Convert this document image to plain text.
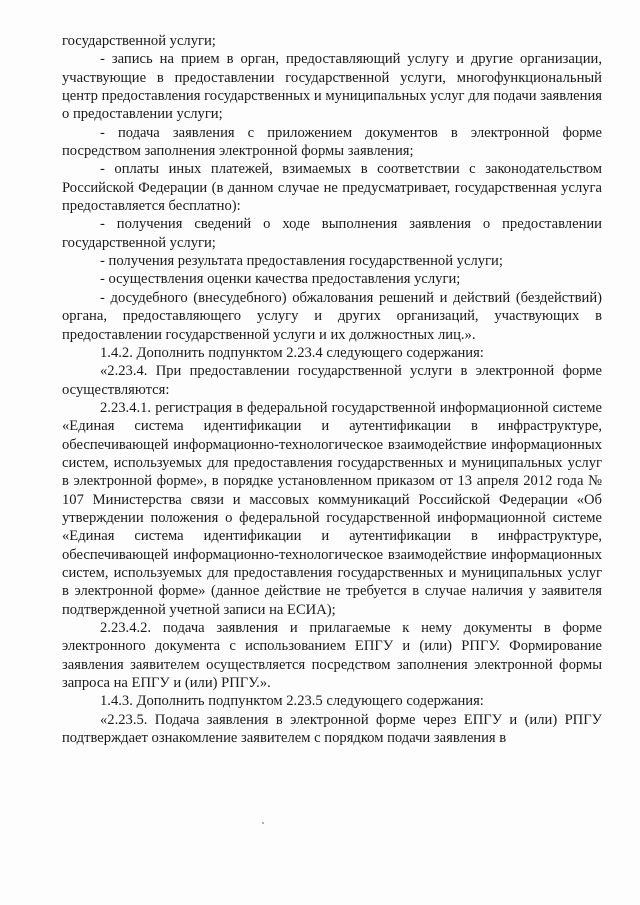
государственной услуги;

- запись на прием в орган, предоставляющий услугу и другие организации, участвующие в предоставлении государственной услуги, многофункциональный центр предоставления государственных и муниципальных услуг для подачи заявления о предоставлении услуги;

- подача заявления с приложением документов в электронной форме посредством заполнения электронной формы заявления;

- оплаты иных платежей, взимаемых в соответствии с законодательством Российской Федерации (в данном случае не предусматривает, государственная услуга предоставляется бесплатно):

- получения сведений о ходе выполнения заявления о предоставлении государственной услуги;

- получения результата предоставления государственной услуги;

- осуществления оценки качества предоставления услуги;

- досудебного (внесудебного) обжалования решений и действий (бездействий) органа, предоставляющего услугу и других организаций, участвующих в предоставлении государственной услуги и их должностных лиц.».

1.4.2. Дополнить подпунктом 2.23.4 следующего содержания:

«2.23.4. При предоставлении государственной услуги в электронной форме осуществляются:

2.23.4.1. регистрация в федеральной государственной информационной системе «Единая система идентификации и аутентификации в инфраструктуре, обеспечивающей информационно-технологическое взаимодействие информационных систем, используемых для предоставления государственных и муниципальных услуг в электронной форме», в порядке установленном приказом от 13 апреля 2012 года № 107 Министерства связи и массовых коммуникаций Российской Федерации «Об утверждении положения о федеральной государственной информационной системе «Единая система идентификации и аутентификации в инфраструктуре, обеспечивающей информационно-технологическое взаимодействие информационных систем, используемых для предоставления государственных и муниципальных услуг в электронной форме» (данное действие не требуется в случае наличия у заявителя подтвержденной учетной записи на ЕСИА);

2.23.4.2. подача заявления и прилагаемые к нему документы в форме электронного документа с использованием ЕПГУ и (или) РПГУ. Формирование заявления заявителем осуществляется посредством заполнения электронной формы запроса на ЕПГУ и (или) РПГУ.».

1.4.3. Дополнить подпунктом 2.23.5 следующего содержания:

«2.23.5. Подача заявления в электронной форме через ЕПГУ и (или) РПГУ подтверждает ознакомление заявителем с порядком подачи заявления в
